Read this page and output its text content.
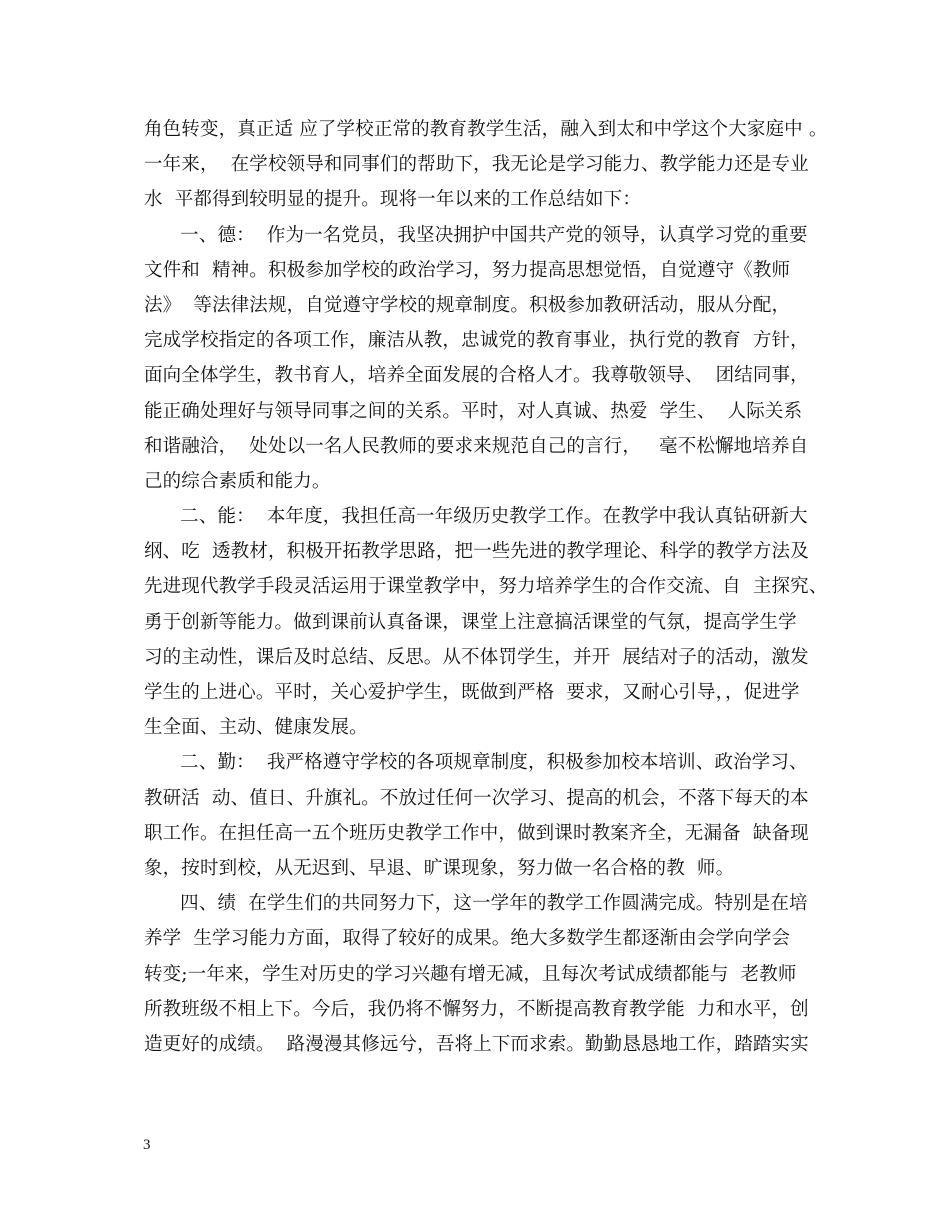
角色转变，真正适 应了学校正常的教育教学生活，融入到太和中学这个大家庭中 。
一年来，  在学校领导和同事们的帮助下，我无论是学习能力、教学能力还是专业
水  平都得到较明显的提升。现将一年以来的工作总结如下：
一、德：  作为一名党员，我坚决拥护中国共产党的领导，认真学习党的重要
文件和  精神。积极参加学校的政治学习，努力提高思想觉悟，自觉遵守《教师
法》  等法律法规，自觉遵守学校的规章制度。积极参加教研活动，服从分配，
完成学校指定的各项工作，廉洁从教，忠诚党的教育事业，执行党的教育  方针，
面向全体学生，教书育人，培养全面发展的合格人才。我尊敬领导、  团结同事，
能正确处理好与领导同事之间的关系。平时，对人真诚、热爱  学生、  人际关系
和谐融洽，  处处以一名人民教师的要求来规范自己的言行，   毫不松懈地培养自
己的综合素质和能力。
二、能：  本年度，我担任高一年级历史教学工作。在教学中我认真钻研新大
纲、吃  透教材，积极开拓教学思路，把一些先进的教学理论、科学的教学方法及
先进现代教学手段灵活运用于课堂教学中，努力培养学生的合作交流、自  主探究、
勇于创新等能力。做到课前认真备课，课堂上注意搞活课堂的气氛，提高学生学
习的主动性，课后及时总结、反思。从不体罚学生，并开  展结对子的活动，激发
学生的上进心。平时，关心爱护学生，既做到严格  要求，又耐心引导，，促进学
生全面、主动、健康发展。
二、勤：  我严格遵守学校的各项规章制度，积极参加校本培训、政治学习、
教研活  动、值日、升旗礼。不放过任何一次学习、提高的机会，不落下每天的本
职工作。在担任高一五个班历史教学工作中，做到课时教案齐全，无漏备  缺备现
象，按时到校，从无迟到、早退、旷课现象，努力做一名合格的教  师。
四、绩  在学生们的共同努力下，这一学年的教学工作圆满完成。特别是在培
养学  生学习能力方面，取得了较好的成果。绝大多数学生都逐渐由会学向学会
转变;一年来，学生对历史的学习兴趣有增无减，且每次考试成绩都能与  老教师
所教班级不相上下。今后，我仍将不懈努力，不断提高教育教学能  力和水平，创
造更好的成绩。  路漫漫其修远兮，吾将上下而求索。勤勤恳恳地工作，踏踏实实
3
